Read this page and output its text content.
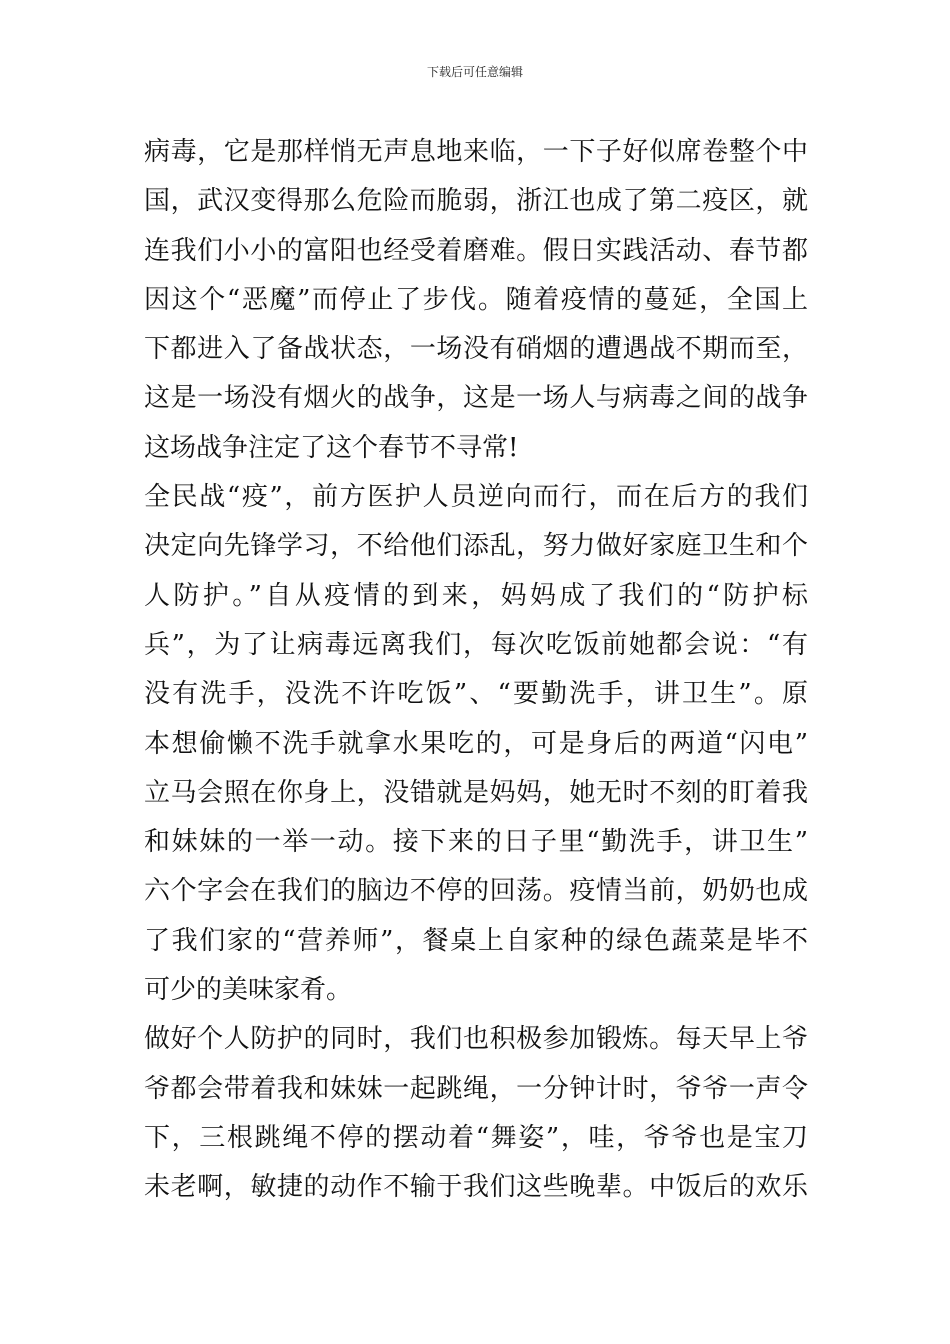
下载后可任意编辑
病毒，它是那样悄无声息地来临，一下子好似席卷整个中
国，武汉变得那么危险而脆弱，浙江也成了第二疫区，就
连我们小小的富阳也经受着磨难。假日实践活动、春节都
因这个“恶魔”而停止了步伐。随着疫情的蔓延，全国上
下都进入了备战状态，一场没有硝烟的遭遇战不期而至，
这是一场没有烟火的战争，这是一场人与病毒之间的战争
这场战争注定了这个春节不寻常!
全民战“疫”，前方医护人员逆向而行，而在后方的我们
决定向先锋学习，不给他们添乱，努力做好家庭卫生和个
人防护。”自从疫情的到来，妈妈成了我们的“防护标
兵”，为了让病毒远离我们，每次吃饭前她都会说：“有
没有洗手，没洗不许吃饭”、“要勤洗手，讲卫生”。原
本想偷懒不洗手就拿水果吃的，可是身后的两道“闪电”
立马会照在你身上，没错就是妈妈，她无时不刻的盯着我
和妹妹的一举一动。接下来的日子里“勤洗手，讲卫生”
六个字会在我们的脑边不停的回荡。疫情当前，奶奶也成
了我们家的“营养师”，餐桌上自家种的绿色蔬菜是毕不
可少的美味家肴。
做好个人防护的同时，我们也积极参加锻炼。每天早上爷
爷都会带着我和妹妹一起跳绳，一分钟计时，爷爷一声令
下，三根跳绳不停的摆动着“舞姿”，哇，爷爷也是宝刀
未老啊，敏捷的动作不输于我们这些晚辈。中饭后的欢乐
